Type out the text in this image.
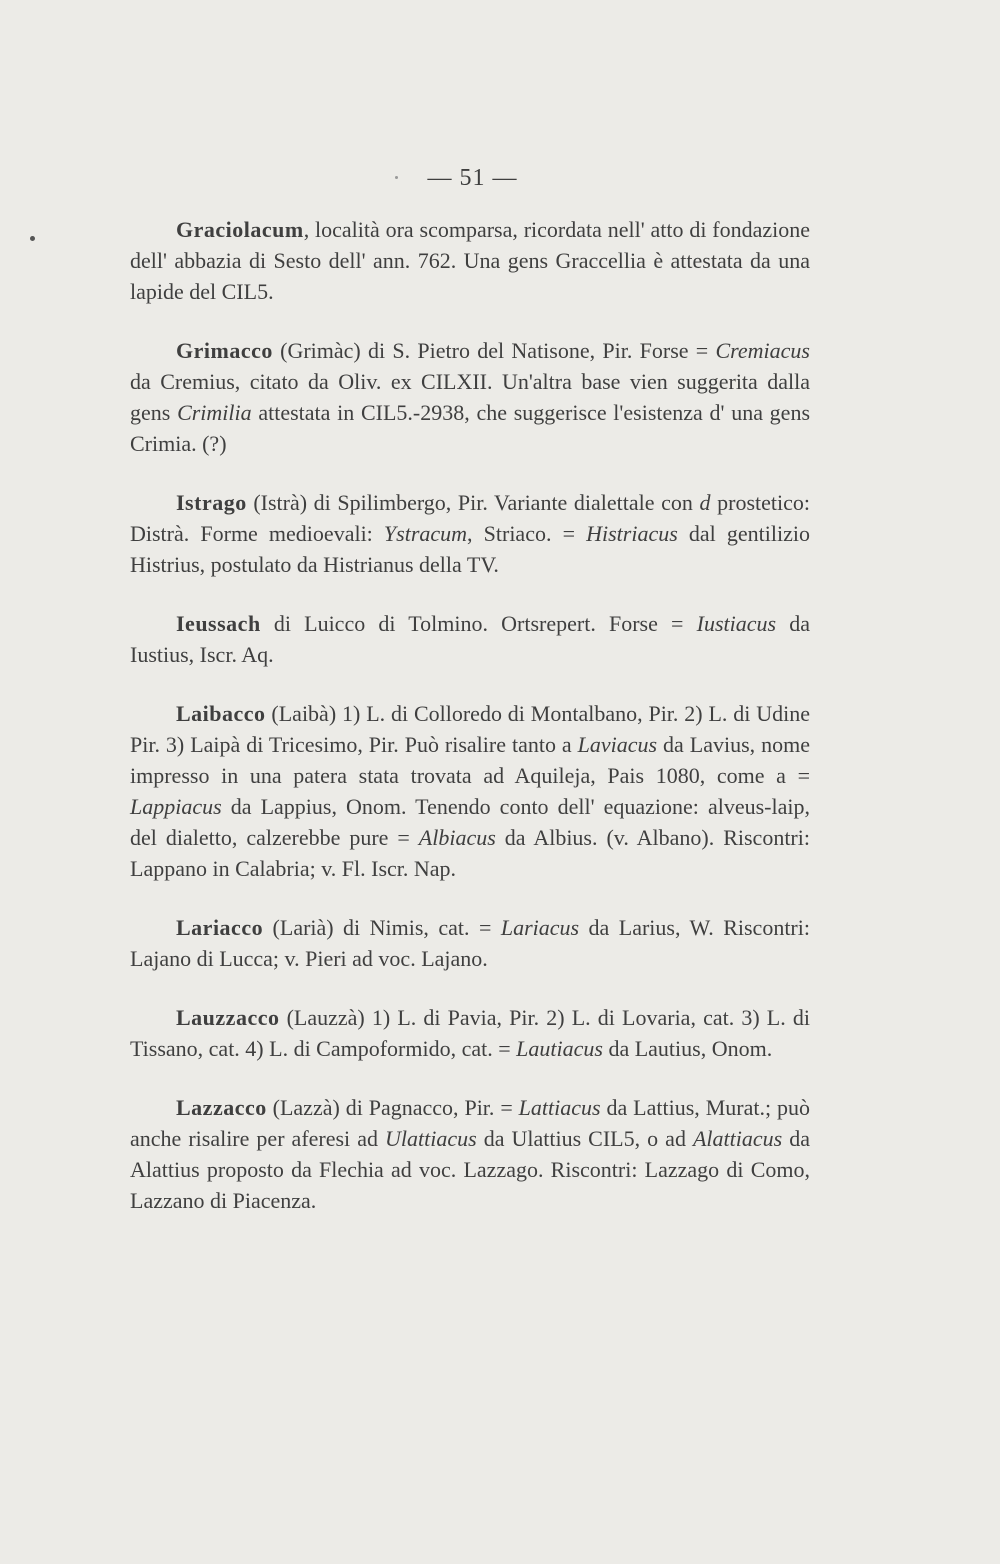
— 51 —

Graciolacum, località ora scomparsa, ricordata nell' atto di fondazione dell' abbazia di Sesto dell' ann. 762. Una gens Graccellia è attestata da una lapide del CIL5.

Grimacco (Grimàc) di S. Pietro del Natisone, Pir. Forse = Cremiacus da Cremius, citato da Oliv. ex CILXII. Un'altra base vien suggerita dalla gens Crimilia attestata in CIL5.-2938, che suggerisce l'esistenza d' una gens Crimia. (?)

Istrago (Istrà) di Spilimbergo, Pir. Variante dialettale con d prostetico: Distrà. Forme medioevali: Ystracum, Striaco. = Histriacus dal gentilizio Histrius, postulato da Histrianus della TV.

Ieussach di Luicco di Tolmino. Ortsrepert. Forse = Iustiacus da Iustius, Iscr. Aq.

Laibacco (Laibà) 1) L. di Colloredo di Montalbano, Pir. 2) L. di Udine Pir. 3) Laipà di Tricesimo, Pir. Può risalire tanto a Laviacus da Lavius, nome impresso in una patera stata trovata ad Aquileja, Pais 1080, come a = Lappiacus da Lappius, Onom. Tenendo conto dell' equazione: alveus-laip, del dialetto, calzerebbe pure = Albiacus da Albius. (v. Albano). Riscontri: Lappano in Calabria; v. Fl. Iscr. Nap.

Lariacco (Larià) di Nimis, cat. = Lariacus da Larius, W. Riscontri: Lajano di Lucca; v. Pieri ad voc. Lajano.

Lauzzacco (Lauzzà) 1) L. di Pavia, Pir. 2) L. di Lovaria, cat. 3) L. di Tissano, cat. 4) L. di Campoformido, cat. = Lautiacus da Lautius, Onom.

Lazzacco (Lazzà) di Pagnacco, Pir. = Lattiacus da Lattius, Murat.; può anche risalire per aferesi ad Ulattiacus da Ulattius CIL5, o ad Alattiacus da Alattius proposto da Flechia ad voc. Lazzago. Riscontri: Lazzago di Como, Lazzano di Piacenza.
